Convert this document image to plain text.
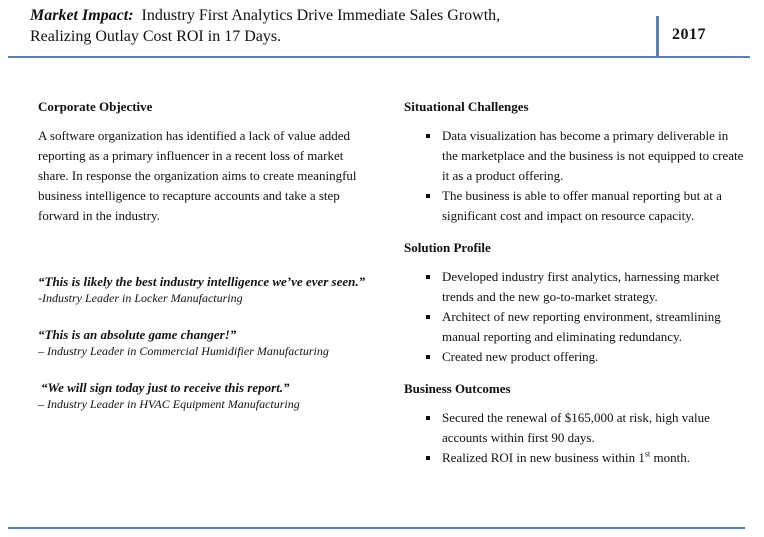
Market Impact: Industry First Analytics Drive Immediate Sales Growth,
Realizing Outlay Cost ROI in 17 Days.	2017
Corporate Objective

A software organization has identified a lack of value added reporting as a primary influencer in a recent loss of market share. In response the organization aims to create meaningful business intelligence to recapture accounts and take a step forward in the industry.

“This is likely the best industry intelligence we’ve ever seen.”
-Industry Leader in Locker Manufacturing
“This is an absolute game changer!”
– Industry Leader in Commercial Humidifier Manufacturing
“We will sign today just to receive this report.”
– Industry Leader in HVAC Equipment Manufacturing
Situational Challenges
Data visualization has become a primary deliverable in the marketplace and the business is not equipped to create it as a product offering.
The business is able to offer manual reporting but at a significant cost and impact on resource capacity.
Solution Profile
Developed industry first analytics, harnessing market trends and the new go-to-market strategy.
Architect of new reporting environment, streamlining manual reporting and eliminating redundancy.
Created new product offering.
Business Outcomes
Secured the renewal of $165,000 at risk, high value accounts within first 90 days.
Realized ROI in new business within 1st month.
